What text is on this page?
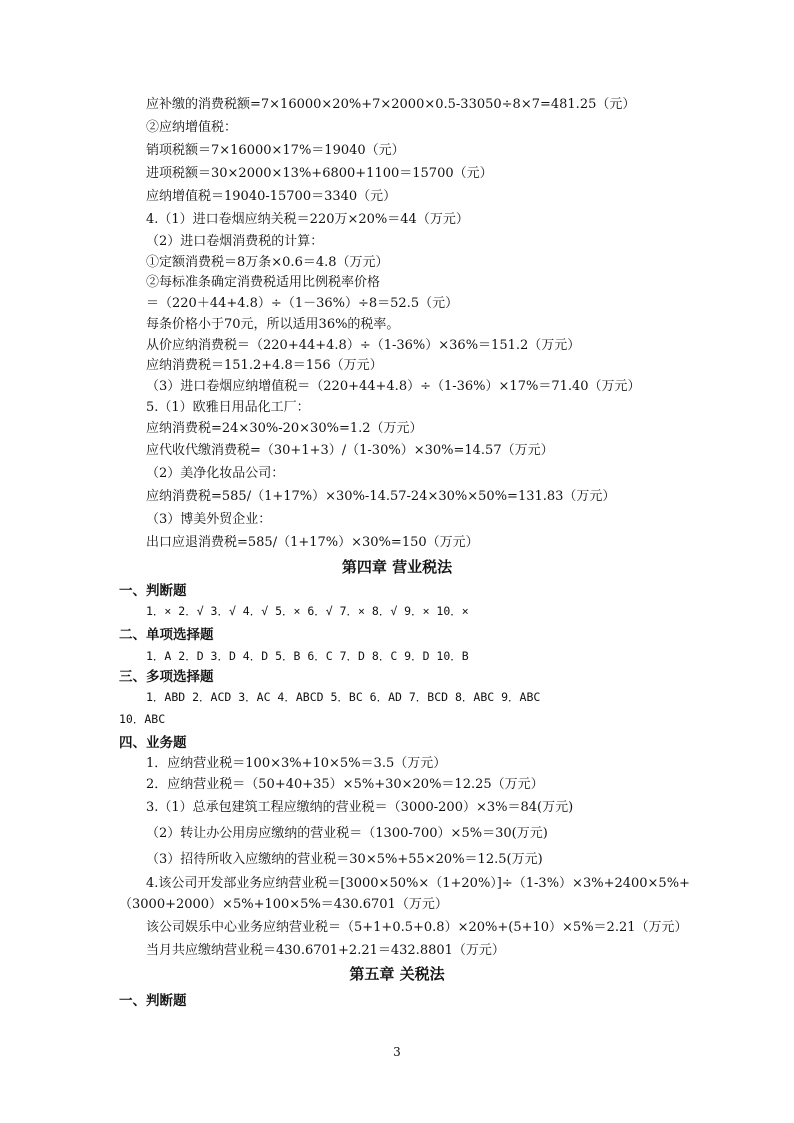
应补缴的消费税额=7×16000×20%+7×2000×0.5-33050÷8×7=481.25（元）
②应纳增值税：
销项税额＝7×16000×17%＝19040（元）
进项税额＝30×2000×13%+6800+1100＝15700（元）
应纳增值税＝19040-15700＝3340（元）
4.（1）进口卷烟应纳关税＝220万×20%＝44（万元）
（2）进口卷烟消费税的计算：
①定额消费税＝8万条×0.6＝4.8（万元）
②每标准条确定消费税适用比例税率价格
＝（220＋44+4.8）÷（1－36%）÷8＝52.5（元）
每条价格小于70元，所以适用36%的税率。
从价应纳消费税＝（220+44+4.8）÷（1-36%）×36%＝151.2（万元）
应纳消费税＝151.2+4.8＝156（万元）
（3）进口卷烟应纳增值税＝（220+44+4.8）÷（1-36%）×17%＝71.40（万元）
5.（1）欧雅日用品化工厂：
应纳消费税=24×30%-20×30%=1.2（万元）
应代收代缴消费税=（30+1+3）/（1-30%）×30%=14.57（万元）
（2）美净化妆品公司：
应纳消费税=585/（1+17%）×30%-14.57-24×30%×50%=131.83（万元）
（3）博美外贸企业：
出口应退消费税=585/（1+17%）×30%=150（万元）
第四章 营业税法
一、判断题
1．× 2．√ 3．√ 4．√ 5．× 6．√ 7．× 8．√ 9．× 10．×
二、单项选择题
1．A 2．D 3．D 4．D 5．B 6．C 7．D 8．C 9．D 10．B
三、多项选择题
1．ABD 2．ACD 3．AC 4．ABCD 5．BC 6．AD 7．BCD 8．ABC 9．ABC
10．ABC
四、业务题
1．应纳营业税＝100×3%+10×5%＝3.5（万元）
2．应纳营业税＝（50+40+35）×5%+30×20%＝12.25（万元）
3.（1）总承包建筑工程应缴纳的营业税＝（3000-200）×3%＝84(万元)
（2）转让办公用房应缴纳的营业税＝（1300-700）×5%＝30(万元)
（3）招待所收入应缴纳的营业税＝30×5%+55×20%＝12.5(万元)
4.该公司开发部业务应纳营业税＝[3000×50%×（1+20%）]÷（1-3%）×3%+2400×5%+
（3000+2000）×5%+100×5%＝430.6701（万元）
该公司娱乐中心业务应纳营业税＝（5+1+0.5+0.8）×20%+(5+10）×5%＝2.21（万元）
当月共应缴纳营业税＝430.6701+2.21＝432.8801（万元）
第五章 关税法
一、判断题
3
